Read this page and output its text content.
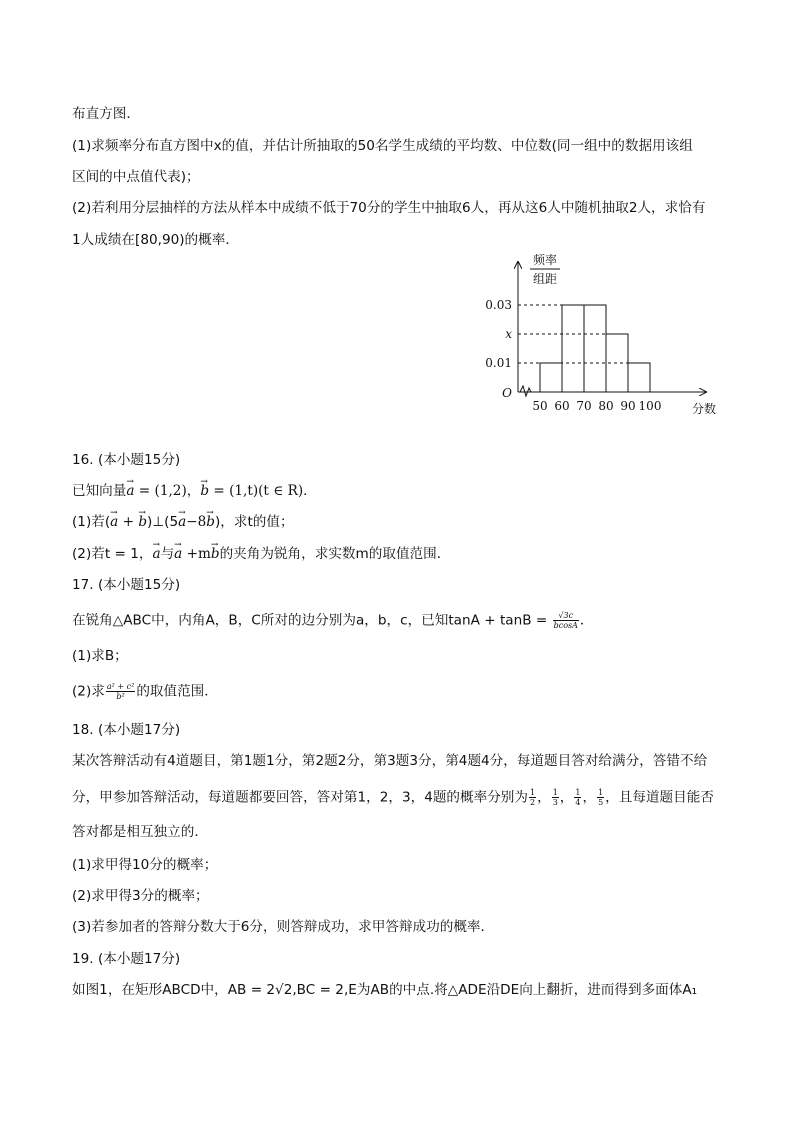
布直方图．
(1)求频率分布直方图中x的值，并估计所抽取的50名学生成绩的平均数、中位数(同一组中的数据用该组
区间的中点值代表)；
(2)若利用分层抽样的方法从样本中成绩不低于70分的学生中抽取6人，再从这6人中随机抽取2人，求恰有
1人成绩在[80,90)的概率．
频率
组距
0.01
x
0.03
O
50 60 70 80 90 100	分数
16. (本小题15分)
已知向量→ a = (1,2)，→ b = (1,t)(t ∈ R)．
(1)若(→ a + → b)⊥(5→ a−8→ b)，求t的值；
(2)若t = 1，→ a与→ a +m→ b的夹角为锐角，求实数m的取值范围．
17. (本小题15分)
在锐角△ABC中，内角A，B，C所对的边分别为a，b，c，已知$\tan A + \tan B = \frac{√3c}{bcosA}$ ．
(1)求B；
(2)求 $\frac{\text{a² + c²}}{\text{b²}}$ 的取值范围．
18. (本小题17分)
某次答辩活动有4道题目，第1题1分，第2题2分，第3题3分，第4题4分，每道题目答对给满分，答错不给
分，甲参加答辩活动，每道题都要回答，答对第1，2，3，4题的概率分别为 $\frac{1}{2}$ ， $\frac{1}{3}$ ， $\frac{1}{4}$ ， $\frac{1}{5}$ ，且每道题目能否
答对都是相互独立的．
(1)求甲得10分的概率；
(2)求甲得3分的概率；
(3)若参加者的答辩分数大于6分，则答辩成功，求甲答辩成功的概率．
19. (本小题17分)
如图1，在矩形ABCD中，AB = 2√2,BC = 2,E为AB的中点.将△ADE沿DE向上翻折，进而得到多面体A₁
